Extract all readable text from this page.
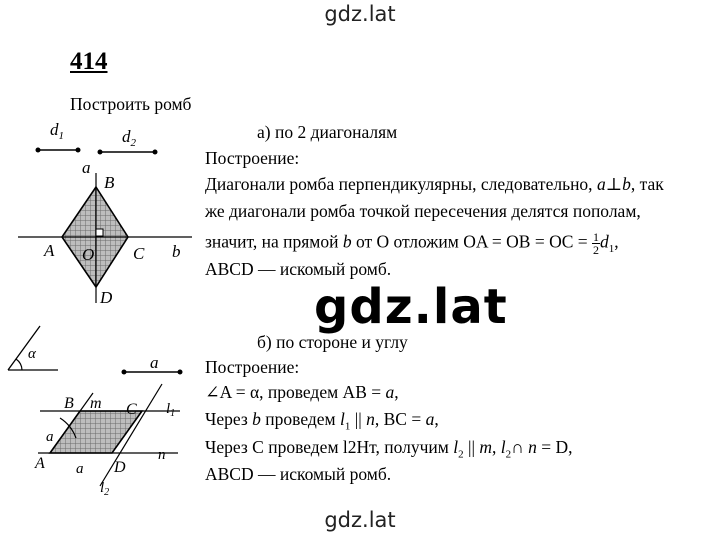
gdz.lat
gdz.lat
gdz.lat
414
Построить ромб
а) по 2 диагоналям
Построение:
Диагонали ромба перпендикулярны, следовательно, a⊥b, так
же диагонали ромба точкой пересечения делятся пополам,
значит, на прямой b от O отложим OA = OB = OC = $\frac{1}{2} d_1$,
ABCD — искомый ромб.
б) по стороне и углу
Построение:
∠A = α, проведем AB = a,
Через b проведем $l_1$ || n, BC = a,
Через С проведем l2Нт, получим $l_2$ || m, $l_2\cap$ n = D,
ABCD — искомый ромб.
$d_1$	$d_2$
a
b
B
A	C
D
O
α	a
B m C $l_1$
A	D
n
$l_2$
a
a
